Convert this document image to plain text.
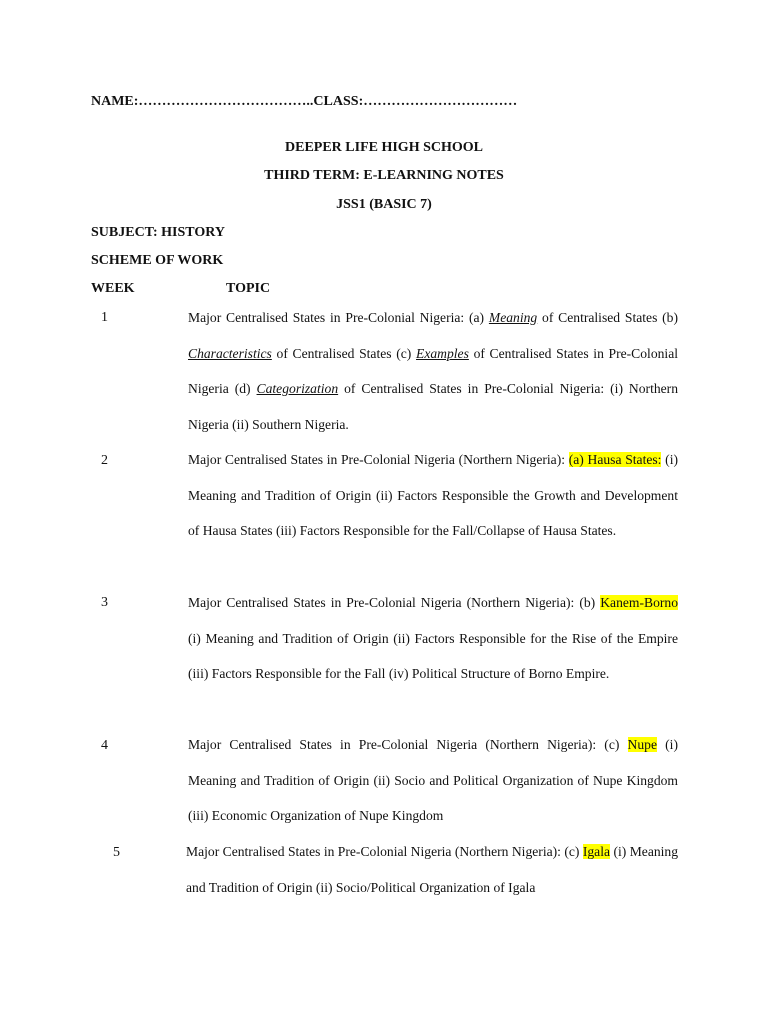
NAME:………………………………..CLASS:……………………………
DEEPER LIFE HIGH SCHOOL
THIRD TERM: E-LEARNING NOTES
JSS1 (BASIC 7)
SUBJECT: HISTORY
SCHEME OF WORK
WEEK	TOPIC
1	Major Centralised States in Pre-Colonial Nigeria: (a) Meaning of Centralised States (b) Characteristics of Centralised States (c) Examples of Centralised States in Pre-Colonial Nigeria (d) Categorization of Centralised States in Pre-Colonial Nigeria: (i) Northern Nigeria (ii) Southern Nigeria.
2	Major Centralised States in Pre-Colonial Nigeria (Northern Nigeria): (a) Hausa States: (i) Meaning and Tradition of Origin (ii) Factors Responsible the Growth and Development of Hausa States (iii) Factors Responsible for the Fall/Collapse of Hausa States.
3	Major Centralised States in Pre-Colonial Nigeria (Northern Nigeria): (b) Kanem-Borno (i) Meaning and Tradition of Origin (ii) Factors Responsible for the Rise of the Empire (iii) Factors Responsible for the Fall (iv) Political Structure of Borno Empire.
4	Major Centralised States in Pre-Colonial Nigeria (Northern Nigeria): (c) Nupe (i) Meaning and Tradition of Origin (ii) Socio and Political Organization of Nupe Kingdom (iii) Economic Organization of Nupe Kingdom
5	Major Centralised States in Pre-Colonial Nigeria (Northern Nigeria): (c) Igala (i) Meaning and Tradition of Origin (ii) Socio/Political Organization of Igala
